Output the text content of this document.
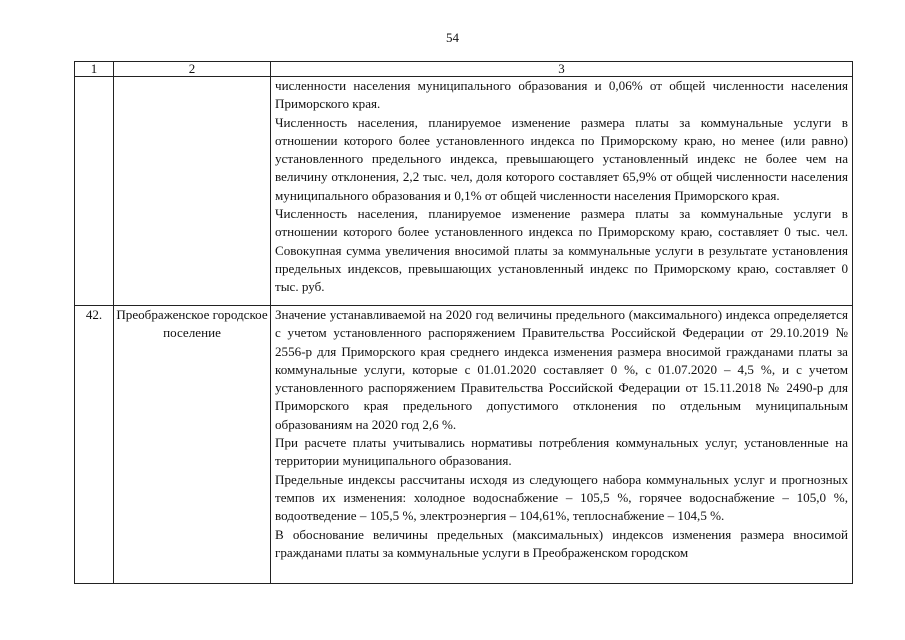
54
1	2	3

		численности населения муниципального образования и 0,06% от общей численности населения Приморского края.

Численность населения, планируемое изменение размера платы за коммунальные услуги в отношении которого более установленного индекса по Приморскому краю, но менее (или равно) установленного предельного индекса, превышающего установленный индекс не более чем на величину отклонения, 2,2 тыс. чел, доля которого составляет 65,9% от общей численности населения муниципального образования и 0,1% от общей численности населения Приморского края.

Численность населения, планируемое изменение размера платы за коммунальные услуги в отношении которого более установленного индекса по Приморскому краю, составляет 0 тыс. чел. Совокупная сумма увеличения вносимой платы за коммунальные услуги в результате установления предельных индексов, превышающих установленный индекс по Приморскому краю, составляет 0 тыс. руб.

42.	Преображенское городское поселение	Значение устанавливаемой на 2020 год величины предельного (максимального) индекса определяется с учетом установленного распоряжением Правительства Российской Федерации от 29.10.2019 № 2556-р для Приморского края среднего индекса изменения размера вносимой гражданами платы за коммунальные услуги, которые с 01.01.2020 составляет 0 %, с 01.07.2020 – 4,5 %, и с учетом установленного распоряжением Правительства Российской Федерации от 15.11.2018 № 2490-р для Приморского края предельного допустимого отклонения по отдельным муниципальным образованиям на 2020 год 2,6 %.

При расчете платы учитывались нормативы потребления коммунальных услуг, установленные на территории муниципального образования.

Предельные индексы рассчитаны исходя из следующего набора коммунальных услуг и прогнозных темпов их изменения: холодное водоснабжение – 105,5 %, горячее водоснабжение – 105,0 %, водоотведение – 105,5 %, электроэнергия – 104,61%, теплоснабжение – 104,5 %.

В обоснование величины предельных (максимальных) индексов изменения размера вносимой гражданами платы за коммунальные услуги в Преображенском городском
